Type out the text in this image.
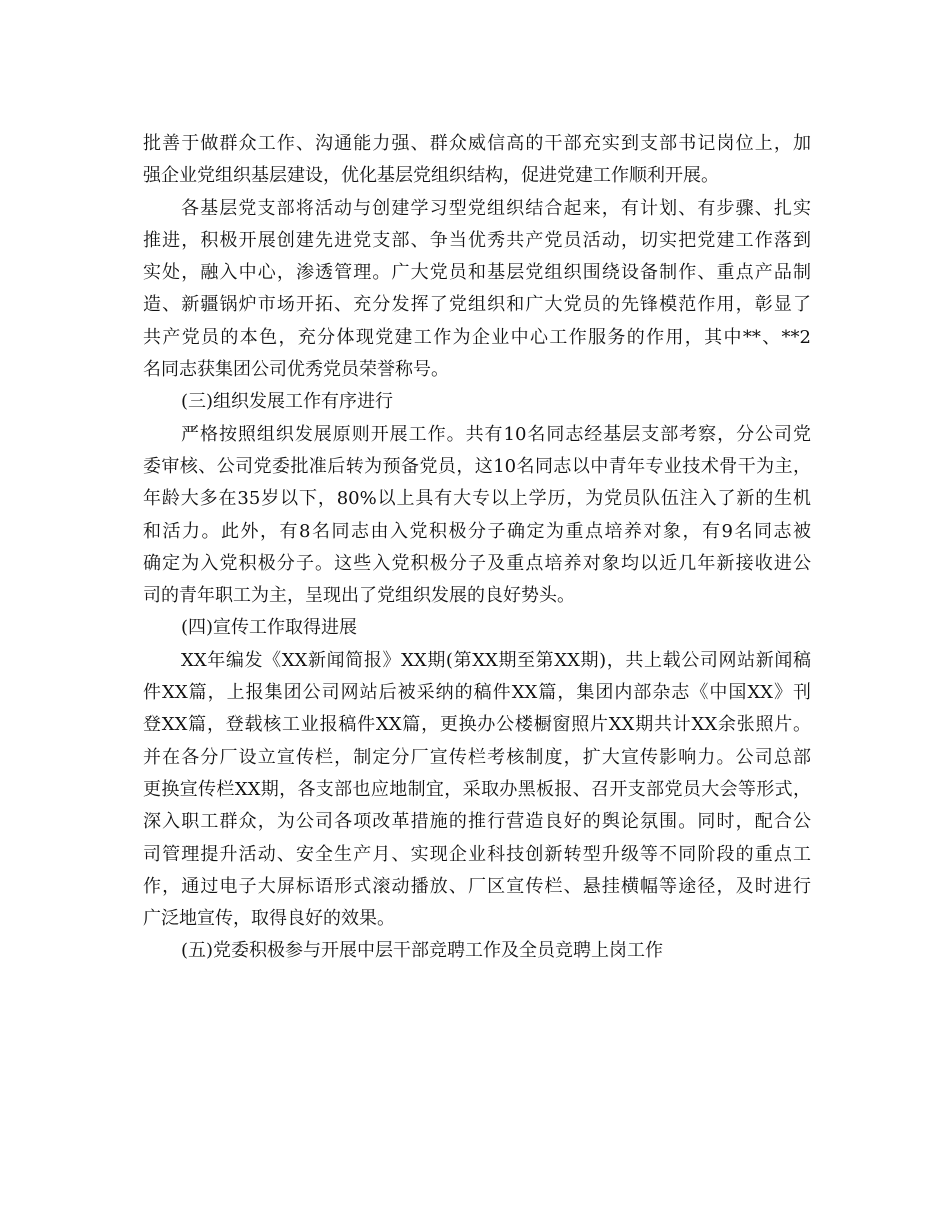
批善于做群众工作、沟通能力强、群众威信高的干部充实到支部书记岗位上，加
强企业党组织基层建设，优化基层党组织结构，促进党建工作顺利开展。
各基层党支部将活动与创建学习型党组织结合起来，有计划、有步骤、扎实
推进，积极开展创建先进党支部、争当优秀共产党员活动，切实把党建工作落到
实处，融入中心，渗透管理。广大党员和基层党组织围绕设备制作、重点产品制
造、新疆锅炉市场开拓、充分发挥了党组织和广大党员的先锋模范作用，彰显了
共产党员的本色，充分体现党建工作为企业中心工作服务的作用，其中**、**2
名同志获集团公司优秀党员荣誉称号。
(三)组织发展工作有序进行
严格按照组织发展原则开展工作。共有10名同志经基层支部考察，分公司党
委审核、公司党委批准后转为预备党员，这10名同志以中青年专业技术骨干为主，
年龄大多在35岁以下，80%以上具有大专以上学历，为党员队伍注入了新的生机
和活力。此外，有8名同志由入党积极分子确定为重点培养对象，有9名同志被
确定为入党积极分子。这些入党积极分子及重点培养对象均以近几年新接收进公
司的青年职工为主，呈现出了党组织发展的良好势头。
(四)宣传工作取得进展
XX年编发《XX新闻简报》XX期(第XX期至第XX期)，共上载公司网站新闻稿
件XX篇，上报集团公司网站后被采纳的稿件XX篇，集团内部杂志《中国XX》刊
登XX篇，登载核工业报稿件XX篇，更换办公楼橱窗照片XX期共计XX余张照片。
并在各分厂设立宣传栏，制定分厂宣传栏考核制度，扩大宣传影响力。公司总部
更换宣传栏XX期，各支部也应地制宜，采取办黑板报、召开支部党员大会等形式，
深入职工群众，为公司各项改革措施的推行营造良好的舆论氛围。同时，配合公
司管理提升活动、安全生产月、实现企业科技创新转型升级等不同阶段的重点工
作，通过电子大屏标语形式滚动播放、厂区宣传栏、悬挂横幅等途径，及时进行
广泛地宣传，取得良好的效果。
(五)党委积极参与开展中层干部竞聘工作及全员竞聘上岗工作
